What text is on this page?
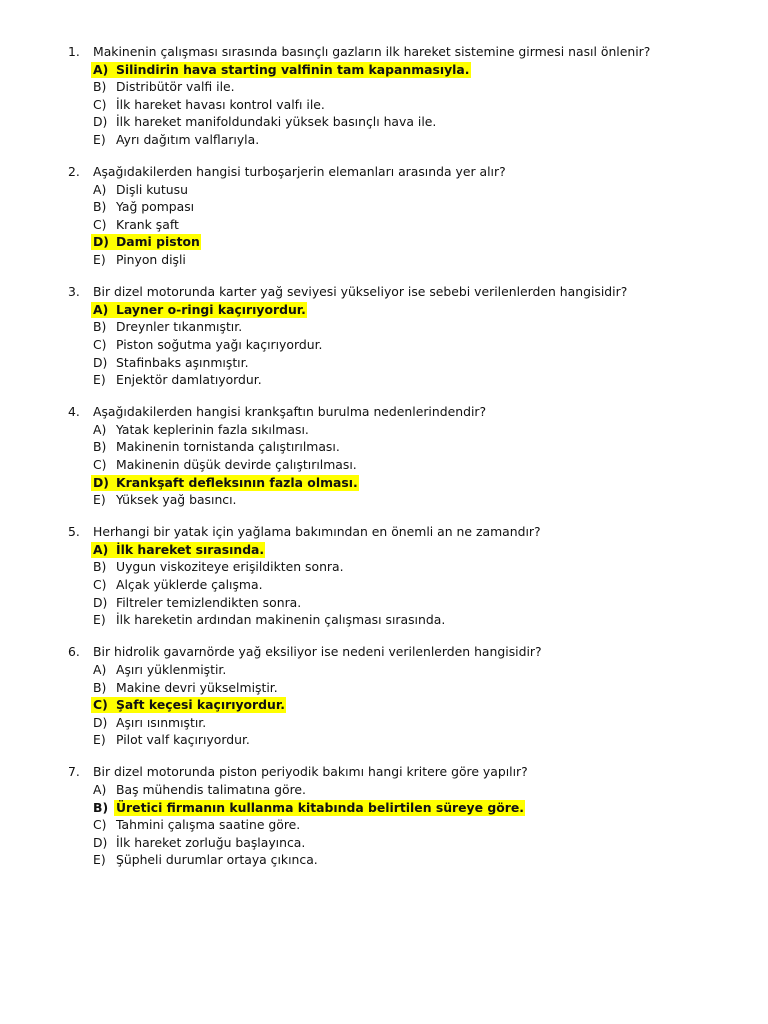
1. Makinenin çalışması sırasında basınçlı gazların ilk hareket sistemine girmesi nasıl önlenir?
A) Silindirin hava starting valfinin tam kapanmasıyla.
B) Distribütör valfi ile.
C) İlk hareket havası kontrol valfı ile.
D) İlk hareket manifoldundaki yüksek basınçlı hava ile.
E) Ayrı dağıtım valflarıyla.
2. Aşağıdakilerden hangisi turboşarjerin elemanları arasında yer alır?
A) Dişli kutusu
B) Yağ pompası
C) Krank şaft
D) Dami piston
E) Pinyon dişli
3. Bir dizel motorunda karter yağ seviyesi yükseliyor ise sebebi verilenlerden hangisidir?
A) Layner o-ringi kaçırıyordur.
B) Dreynler tıkanmıştır.
C) Piston soğutma yağı kaçırıyordur.
D) Stafinbaks aşınmıştır.
E) Enjektör damlatıyordur.
4. Aşağıdakilerden hangisi krankşaftın burulma nedenlerindendir?
A) Yatak keplerinin fazla sıkılması.
B) Makinenin tornistanda çalıştırılması.
C) Makinenin düşük devirde çalıştırılması.
D) Krankşaft defleksının fazla olması.
E) Yüksek yağ basıncı.
5. Herhangi bir yatak için yağlama bakımından en önemli an ne zamandır?
A) İlk hareket sırasında.
B) Uygun viskoziteye erişildikten sonra.
C) Alçak yüklerde çalışma.
D) Filtreler temizlendikten sonra.
E) İlk hareketin ardından makinenin çalışması sırasında.
6. Bir hidrolik gavarnörde yağ eksiliyor ise nedeni verilenlerden hangisidir?
A) Aşırı yüklenmiştir.
B) Makine devri yükselmiştir.
C) Şaft keçesi kaçırıyordur.
D) Aşırı ısınmıştır.
E) Pilot valf kaçırıyordur.
7. Bir dizel motorunda piston periyodik bakımı hangi kritere göre yapılır?
A) Baş mühendis talimatına göre.
B) Üretici firmanın kullanma kitabında belirtilen süreye göre.
C) Tahmini çalışma saatine göre.
D) İlk hareket zorluğu başlayınca.
E) Şüpheli durumlar ortaya çıkınca.
